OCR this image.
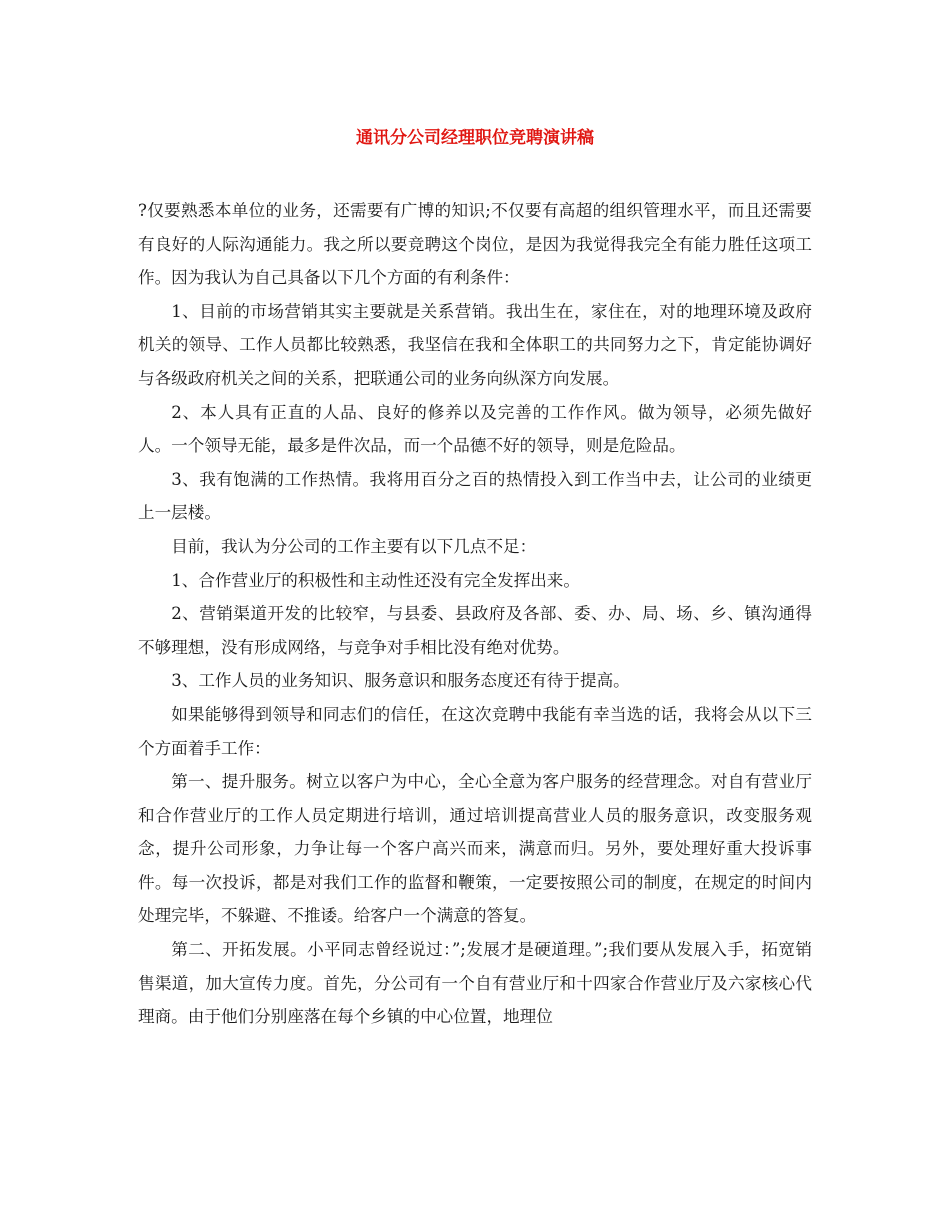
通讯分公司经理职位竞聘演讲稿

?仅要熟悉本单位的业务，还需要有广博的知识;不仅要有高超的组织管理水平，而且还需要有良好的人际沟通能力。我之所以要竞聘这个岗位，是因为我觉得我完全有能力胜任这项工作。因为我认为自己具备以下几个方面的有利条件：

1、目前的市场营销其实主要就是关系营销。我出生在，家住在，对的地理环境及政府机关的领导、工作人员都比较熟悉，我坚信在我和全体职工的共同努力之下，肯定能协调好与各级政府机关之间的关系，把联通公司的业务向纵深方向发展。

2、本人具有正直的人品、良好的修养以及完善的工作作风。做为领导，必须先做好人。一个领导无能，最多是件次品，而一个品德不好的领导，则是危险品。

3、我有饱满的工作热情。我将用百分之百的热情投入到工作当中去，让公司的业绩更上一层楼。

目前，我认为分公司的工作主要有以下几点不足：

1、合作营业厅的积极性和主动性还没有完全发挥出来。

2、营销渠道开发的比较窄，与县委、县政府及各部、委、办、局、场、乡、镇沟通得不够理想，没有形成网络，与竞争对手相比没有绝对优势。

3、工作人员的业务知识、服务意识和服务态度还有待于提高。

如果能够得到领导和同志们的信任，在这次竞聘中我能有幸当选的话，我将会从以下三个方面着手工作：

第一、提升服务。树立以客户为中心，全心全意为客户服务的经营理念。对自有营业厅和合作营业厅的工作人员定期进行培训，通过培训提高营业人员的服务意识，改变服务观念，提升公司形象，力争让每一个客户高兴而来，满意而归。另外，要处理好重大投诉事件。每一次投诉，都是对我们工作的监督和鞭策，一定要按照公司的制度，在规定的时间内处理完毕，不躲避、不推诿。给客户一个满意的答复。

第二、开拓发展。小平同志曾经说过：”;发展才是硬道理。”;我们要从发展入手，拓宽销售渠道，加大宣传力度。首先，分公司有一个自有营业厅和十四家合作营业厅及六家核心代理商。由于他们分别座落在每个乡镇的中心位置，地理位
